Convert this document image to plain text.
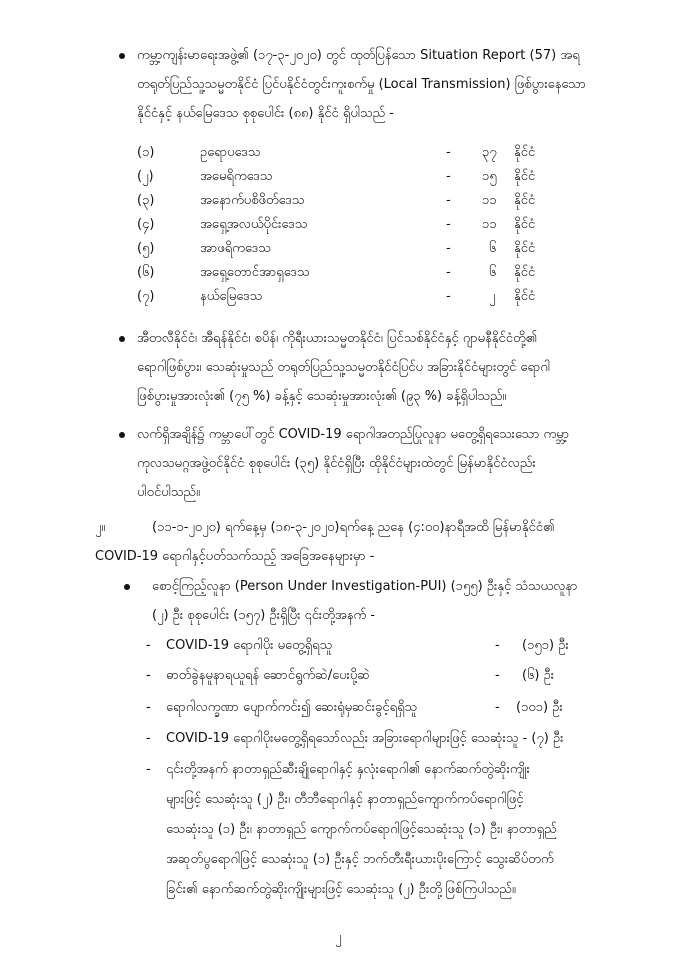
ကမ္ဘာ့ကျန်းမာရေးအဖွဲ့၏ (၁၇-၃-၂၀၂၀) တွင် ထုတ်ပြန်သော Situation Report (57) အရ
တရုတ်ပြည်သူ့သမ္မတနိုင်ငံ ပြင်ပနိုင်ငံတွင်းကူးစက်မှု (Local Transmission) ဖြစ်ပွားနေသော
နိုင်ငံနှင့် နယ်မြေဒေသ စုစုပေါင်း (၈၈) နိုင်ငံ ရှိပါသည် -
(၁)	ဥရောပဒေသ	- ၃၇ နိုင်ငံ
(၂)	အမေရိကဒေသ	- ၁၅ နိုင်ငံ
(၃)	အနောက်ပစိဖိတ်ဒေသ	- ၁၁ နိုင်ငံ
(၄)	အရှေ့အလယ်ပိုင်းဒေသ	- ၁၁ နိုင်ငံ
(၅)	အာဖရိကဒေသ	-	၆ နိုင်ငံ
(၆)	အရှေ့တောင်အာရှဒေသ	-	၆ နိုင်ငံ
(၇)	နယ်မြေဒေသ	-	၂ နိုင်ငံ
အီတလီနိုင်ငံ၊ အီရန်နိုင်ငံ၊ စပိန်၊ ကိုရီးယားသမ္မတနိုင်ငံ၊ ပြင်သစ်နိုင်ငံနှင့် ဂျာမနီနိုင်ငံတို့၏
ရောဂါဖြစ်ပွား၊ သေဆုံးမှုသည် တရုတ်ပြည်သူ့သမ္မတနိုင်ငံပြင်ပ အခြားနိုင်ငံများတွင် ရောဂါ
ဖြစ်ပွားမှုအားလုံး၏ (၇၅ %) ခန့်နှင့် သေဆုံးမှုအားလုံး၏ (၉၃ %) ခန့်ရှိပါသည်။
လက်ရှိအချိန်၌ ကမ္ဘာပေါ်တွင် COVID-19 ရောဂါအတည်ပြုလူနာ မတွေ့ရှိရသေးသော ကမ္ဘာ့
ကုလသမဂ္ဂအဖွဲ့ဝင်နိုင်ငံ စုစုပေါင်း (၃၅) နိုင်ငံရှိပြီး ထိုနိုင်ငံများထဲတွင် မြန်မာနိုင်ငံလည်း
ပါဝင်ပါသည်။
၂။	(၁၁-၁-၂၀၂၀) ရက်နေ့မှ (၁၈-၃-၂၀၂၀)ရက်နေ့ ညနေ (၄:၀၀)နာရီအထိ မြန်မာနိုင်ငံ၏
COVID-19 ရောဂါနှင့်ပတ်သက်သည့် အခြေအနေများမှာ -
စောင့်ကြည့်လူနာ (Person Under Investigation-PUI) (၁၅၅) ဦးနှင့် သံသယလူနာ
(၂) ဦး စုစုပေါင်း (၁၅၇) ဦးရှိပြီး ၎င်းတို့အနက် -
- COVID-19 ရောဂါပိုး မတွေ့ရှိရသူ	- (၁၅၁) ဦး
- ဓာတ်ခွဲနမူနာရယူရန် ဆောင်ရွက်ဆဲ/ပေးပို့ဆဲ	- (၆) ဦး
- ရောဂါလက္ခဏာ ပျောက်ကင်း၍ ဆေးရုံမှဆင်းခွင့်ရရှိသူ	- (၁၀၁) ဦး
- COVID-19 ရောဂါပိုးမတွေ့ရှိရသော်လည်း အခြားရောဂါများဖြင့် သေဆုံးသူ - (၇) ဦး
- ၎င်းတို့အနက် နာတာရှည်ဆီးချိုရောဂါနှင့် နှလုံးရောဂါ၏ နောက်ဆက်တွဲဆိုးကျိုး
များဖြင့် သေဆုံးသူ (၂) ဦး၊ တီဘီရောဂါနှင့် နာတာရှည်ကျောက်ကပ်ရောဂါဖြင့်
သေဆုံးသူ (၁) ဦး၊ နာတာရှည် ကျောက်ကပ်ရောဂါဖြင့်သေဆုံးသူ (၁) ဦး၊ နာတာရှည်
အဆုတ်ပွရောဂါဖြင့် သေဆုံးသူ (၁) ဦးနှင့် ဘက်တီးရီးယားပိုးကြောင့် သွေးဆိပ်တက်
ခြင်း၏ နောက်ဆက်တွဲဆိုးကျိုးများဖြင့် သေဆုံးသူ (၂) ဦးတို့ဖြစ်ကြပါသည်။
၂
